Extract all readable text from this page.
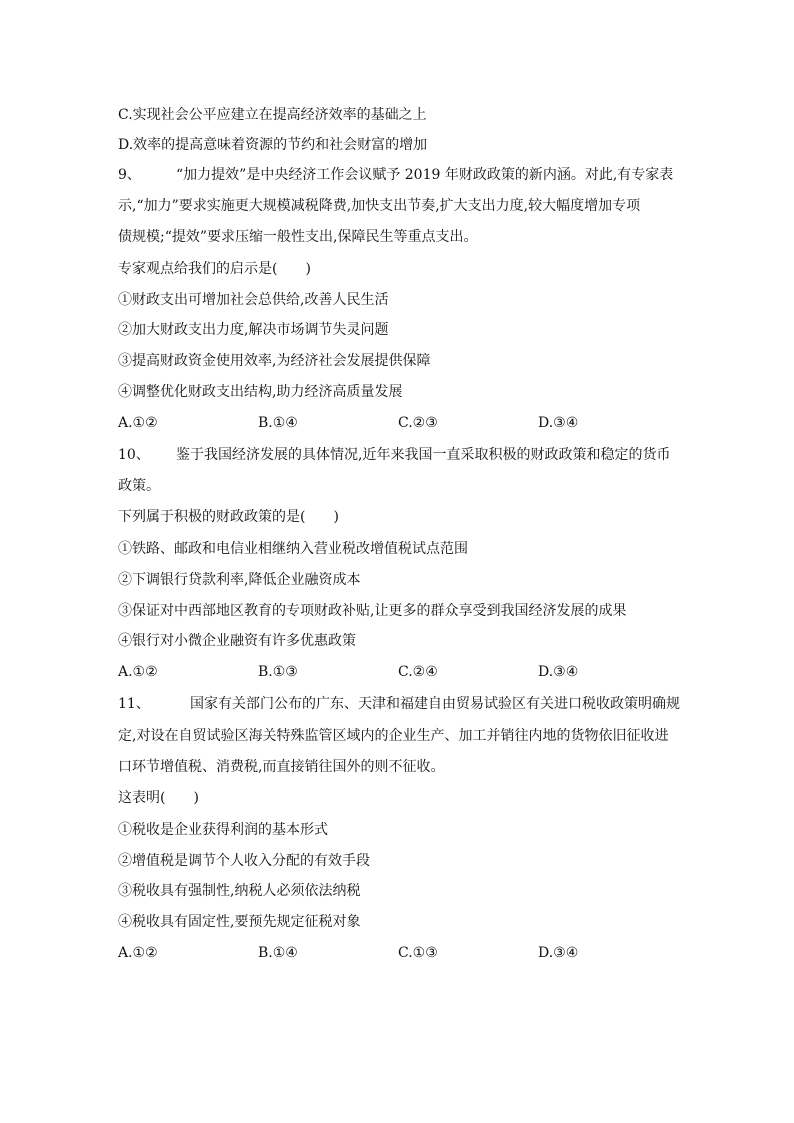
C.实现社会公平应建立在提高经济效率的基础之上
D.效率的提高意味着资源的节约和社会财富的增加
9、	“加力提效”是中央经济工作会议赋予 2019 年财政政策的新内涵。对此,有专家表
示,“加力”要求实施更大规模减税降费,加快支出节奏,扩大支出力度,较大幅度增加专项
债规模;“提效”要求压缩一般性支出,保障民生等重点支出。
专家观点给我们的启示是(　　)
①财政支出可增加社会总供给,改善人民生活
②加大财政支出力度,解决市场调节失灵问题
③提高财政资金使用效率,为经济社会发展提供保障
④调整优化财政支出结构,助力经济高质量发展
A.①②	B.①④	C.②③	D.③④
10、 鉴于我国经济发展的具体情况,近年来我国一直采取积极的财政政策和稳定的货币
政策。
下列属于积极的财政政策的是(　　)
①铁路、邮政和电信业相继纳入营业税改增值税试点范围
②下调银行贷款利率,降低企业融资成本
③保证对中西部地区教育的专项财政补贴,让更多的群众享受到我国经济发展的成果
④银行对小微企业融资有许多优惠政策
A.①②	B.①③	C.②④	D.③④
11、	国家有关部门公布的广东、天津和福建自由贸易试验区有关进口税收政策明确规
定,对设在自贸试验区海关特殊监管区域内的企业生产、加工并销往内地的货物依旧征收进
口环节增值税、消费税,而直接销往国外的则不征收。
这表明(　　)
①税收是企业获得利润的基本形式
②增值税是调节个人收入分配的有效手段
③税收具有强制性,纳税人必须依法纳税
④税收具有固定性,要预先规定征税对象
A.①②	B.①④	C.①③	D.③④
